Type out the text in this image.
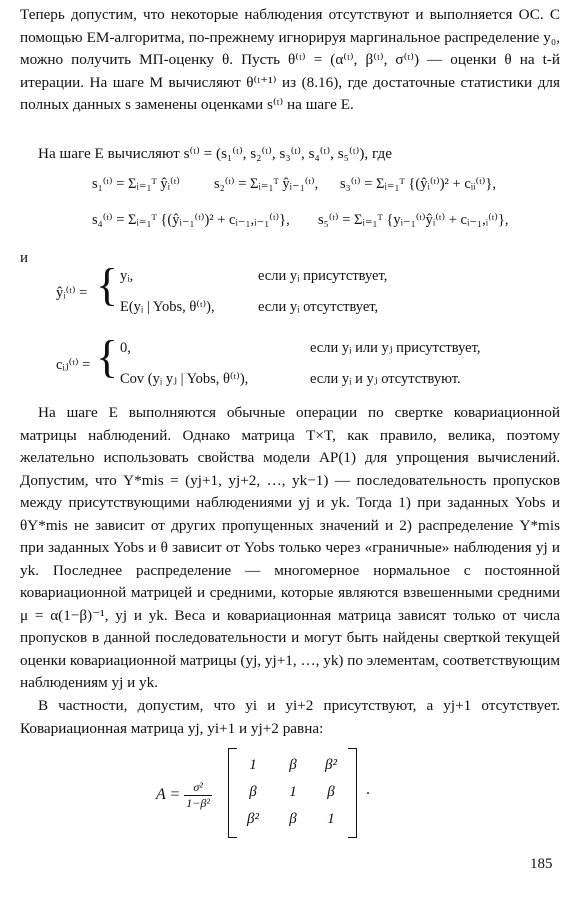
Теперь допустим, что некоторые наблюдения отсутствуют и выполняется ОС. С помощью ЕМ-алгоритма, по-прежнему игнорируя маргинальное распределение y₀, можно получить МП-оценку θ. Пусть θ⁽ᵗ⁾ = (α⁽ᵗ⁾, β⁽ᵗ⁾, σ⁽ᵗ⁾) — оценки θ на t-й итерации. На шаге М вычисляют θ⁽ᵗ⁺¹⁾ из (8.16), где достаточные статистики для полных данных s заменены оценками s⁽ᵗ⁾ на шаге Е.
На шаге Е вычисляют s⁽ᵗ⁾ = (s₁⁽ᵗ⁾, s₂⁽ᵗ⁾, s₃⁽ᵗ⁾, s₄⁽ᵗ⁾, s₅⁽ᵗ⁾), где
s₁⁽ᵗ⁾ = Σᵢ₌₁ᵀ ŷᵢ⁽ᵗ⁾ s₂⁽ᵗ⁾ = Σᵢ₌₁ᵀ ŷᵢ₋₁⁽ᵗ⁾, s₃⁽ᵗ⁾ = Σᵢ₌₁ᵀ {(ŷᵢ⁽ᵗ⁾)² + cᵢᵢ⁽ᵗ⁾},
s₄⁽ᵗ⁾ = Σᵢ₌₁ᵀ {(ŷᵢ₋₁⁽ᵗ⁾)² + cᵢ₋₁,ᵢ₋₁⁽ᵗ⁾}, s₅⁽ᵗ⁾ = Σᵢ₌₁ᵀ {yᵢ₋₁⁽ᵗ⁾ŷᵢ⁽ᵗ⁾ + cᵢ₋₁,ᵢ⁽ᵗ⁾},
и
ŷᵢ⁽ᵗ⁾ = { yᵢ,	если yᵢ присутствует,
E(yᵢ | Yobs, θ⁽ᵗ⁾),	если yᵢ отсутствует,
cᵢⱼ⁽ᵗ⁾ = { 0,	если yᵢ или yⱼ присутствует,
Cov (yᵢ yⱼ | Yobs, θ⁽ᵗ⁾),	если yᵢ и yⱼ отсутствуют.
На шаге Е выполняются обычные операции по свертке ковариационной матрицы наблюдений. Однако матрица T×T, как правило, велика, поэтому желательно использовать свойства модели АР(1) для упрощения вычислений. Допустим, что Y*mis = (yj+1, yj+2, …, yk−1) — последовательность пропусков между присутствующими наблюдениями yj и yk. Тогда 1) при заданных Yobs и θY*mis не зависит от других пропущенных значений и 2) распределение Y*mis при заданных Yobs и θ зависит от Yobs только через «граничные» наблюдения yj и yk. Последнее распределение — многомерное нормальное с постоянной ковариационной матрицей и средними, которые являются взвешенными средними μ = α(1−β)⁻¹, yj и yk. Веса и ковариационная матрица зависят только от числа пропусков в данной последовательности и могут быть найдены сверткой текущей оценки ковариационной матрицы (yj, yj+1, …, yk) по элементам, соответствующим наблюдениям yj и yk.
В частности, допустим, что yi и yi+2 присутствуют, а yj+1 отсутствует. Ковариационная матрица yj, yi+1 и yj+2 равна:
$A = \frac{\text{σ²}}{\text{1−β²}}$
1	β	β²
β	1	β
β²	β	1
.
185
